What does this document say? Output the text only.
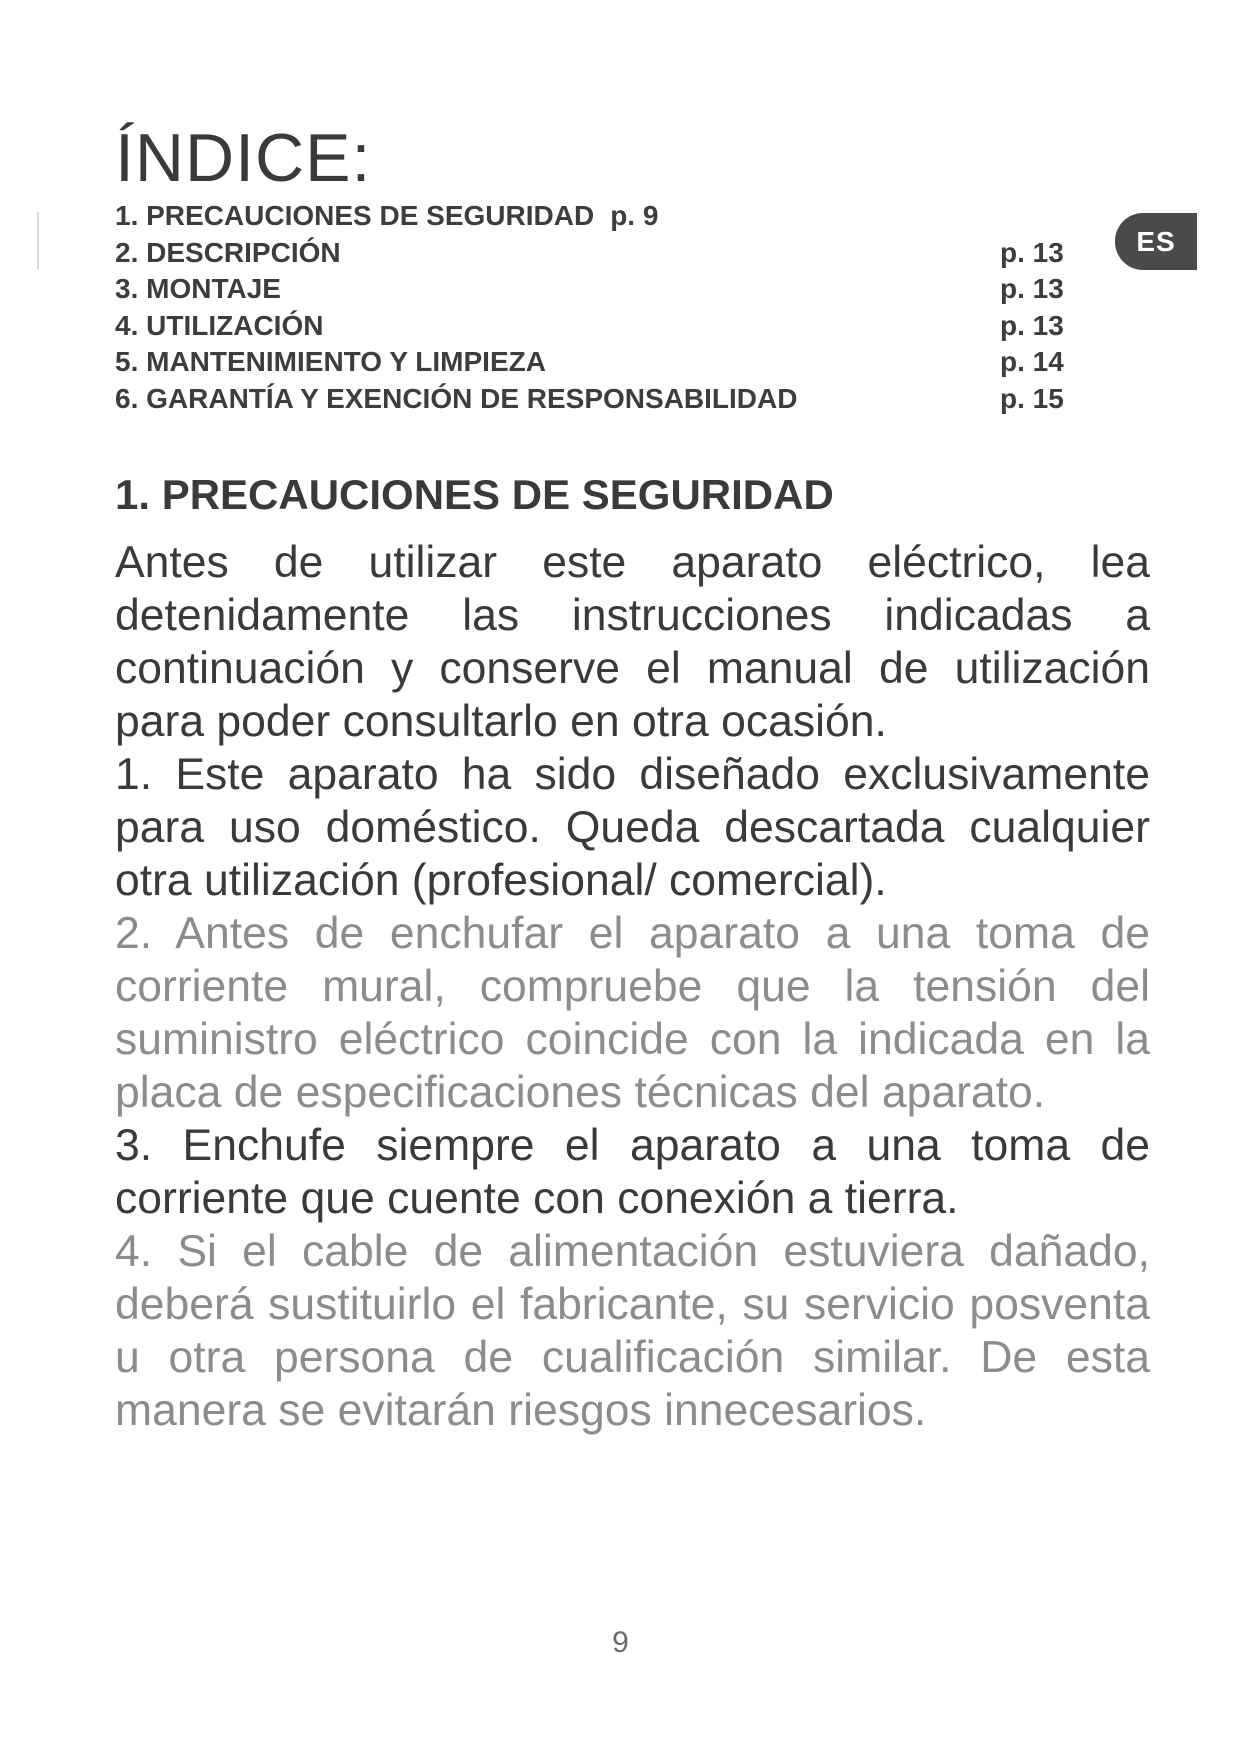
ÍNDICE:
1. PRECAUCIONES DE SEGURIDAD p. 9
2. DESCRIPCIÓN	p. 13
3. MONTAJE	p. 13
4. UTILIZACIÓN	p. 13
5. MANTENIMIENTO Y LIMPIEZA	p. 14
6. GARANTÍA Y EXENCIÓN DE RESPONSABILIDAD	p. 15
ES
1. PRECAUCIONES DE SEGURIDAD

Antes de utilizar este aparato eléctrico, lea detenidamente las instrucciones indicadas a continuación y conserve el manual de utilización para poder consultarlo en otra ocasión.

1. Este aparato ha sido diseñado exclusivamente para uso doméstico. Queda descartada cualquier otra utilización (profesional/ comercial).

2. Antes de enchufar el aparato a una toma de corriente mural, compruebe que la tensión del suministro eléctrico coincide con la indicada en la placa de especificaciones técnicas del aparato.

3. Enchufe siempre el aparato a una toma de corriente que cuente con conexión a tierra.

4. Si el cable de alimentación estuviera dañado, deberá sustituirlo el fabricante, su servicio posventa u otra persona de cualificación similar. De esta manera se evitarán riesgos innecesarios.

9
